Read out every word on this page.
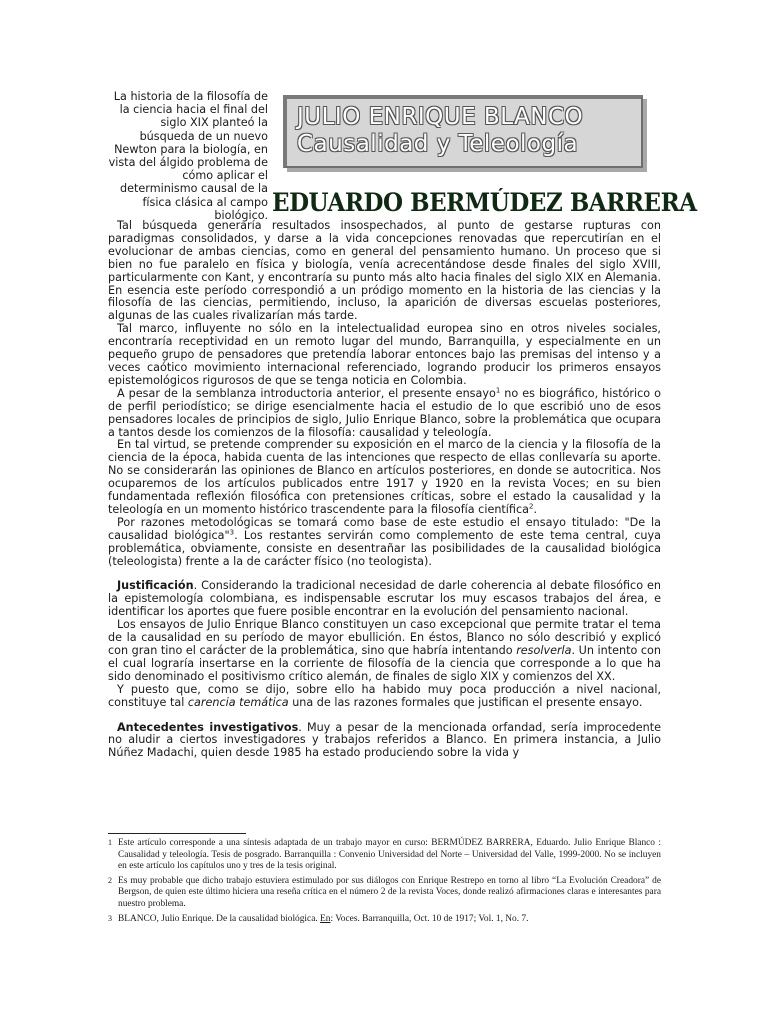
La historia de la filosofía de la ciencia hacia el final del siglo XIX planteó la búsqueda de un nuevo Newton para la biología, en vista del álgido problema de cómo aplicar el determinismo causal de la física clásica al campo biológico.

JULIO ENRIQUE BLANCO
Causalidad y Teleología
EDUARDO BERMÚDEZ BARRERA

Tal búsqueda generaría resultados insospechados, al punto de gestarse rupturas con paradigmas consolidados, y darse a la vida concepciones renovadas que repercutirían en el evolucionar de ambas ciencias, como en general del pensamiento humano. Un proceso que si bien no fue paralelo en física y biología, venía acrecentándose desde finales del siglo XVIII, particularmente con Kant, y encontraría su punto más alto hacia finales del siglo XIX en Alemania. En esencia este período correspondió a un pródigo momento en la historia de las ciencias y la filosofía de las ciencias, permitiendo, incluso, la aparición de diversas escuelas posteriores, algunas de las cuales rivalizarían más tarde.

Tal marco, influyente no sólo en la intelectualidad europea sino en otros niveles sociales, encontraría receptividad en un remoto lugar del mundo, Barranquilla, y especialmente en un pequeño grupo de pensadores que pretendía laborar entonces bajo las premisas del intenso y a veces caótico movimiento internacional referenciado, logrando producir los primeros ensayos epistemológicos rigurosos de que se tenga noticia en Colombia.

A pesar de la semblanza introductoria anterior, el presente ensayo$^1$ no es biográfico, histórico o de perfil periodístico; se dirige esencialmente hacia el estudio de lo que escribió uno de esos pensadores locales de principios de siglo, Julio Enrique Blanco, sobre la problemática que ocupara a tantos desde los comienzos de la filosofía: causalidad y teleología.

En tal virtud, se pretende comprender su exposición en el marco de la ciencia y la filosofía de la ciencia de la época, habida cuenta de las intenciones que respecto de ellas conllevaría su aporte. No se considerarán las opiniones de Blanco en artículos posteriores, en donde se autocritica. Nos ocuparemos de los artículos publicados entre 1917 y 1920 en la revista Voces; en su bien fundamentada reflexión filosófica con pretensiones críticas, sobre el estado la causalidad y la teleología en un momento histórico trascendente para la filosofía científica$^2$.

Por razones metodológicas se tomará como base de este estudio el ensayo titulado: "De la causalidad biológica"$^3$. Los restantes servirán como complemento de este tema central, cuya problemática, obviamente, consiste en desentrañar las posibilidades de la causalidad biológica (teleologista) frente a la de carácter físico (no teologista).

Justificación. Considerando la tradicional necesidad de darle coherencia al debate filosófico en la epistemología colombiana, es indispensable escrutar los muy escasos trabajos del área, e identificar los aportes que fuere posible encontrar en la evolución del pensamiento nacional.

Los ensayos de Julio Enrique Blanco constituyen un caso excepcional que permite tratar el tema de la causalidad en su período de mayor ebullición. En éstos, Blanco no sólo describió y explicó con gran tino el carácter de la problemática, sino que habría intentando resolverla. Un intento con el cual lograría insertarse en la corriente de filosofía de la ciencia que corresponde a lo que ha sido denominado el positivismo crítico alemán, de finales de siglo XIX y comienzos del XX.

Y puesto que, como se dijo, sobre ello ha habido muy poca producción a nivel nacional, constituye tal carencia temática una de las razones formales que justifican el presente ensayo.

Antecedentes investigativos. Muy a pesar de la mencionada orfandad, sería improcedente no aludir a ciertos investigadores y trabajos referidos a Blanco. En primera instancia, a Julio Núñez Madachi, quien desde 1985 ha estado produciendo sobre la vida y

1 Este artículo corresponde a una síntesis adaptada de un trabajo mayor en curso: BERMÚDEZ BARRERA, Eduardo. Julio Enrique Blanco : Causalidad y teleología. Tesis de posgrado. Barranquilla : Convenio Universidad del Norte – Universidad del Valle, 1999-2000. No se incluyen en este artículo los capítulos uno y tres de la tesis original.
2 Es muy probable que dicho trabajo estuviera estimulado por sus diálogos con Enrique Restrepo en torno al libro “La Evolución Creadora” de Bergson, de quien este último hiciera una reseña crítica en el número 2 de la revista Voces, donde realizó afirmaciones claras e interesantes para nuestro problema.
3 BLANCO, Julio Enrique. De la causalidad biológica. En: Voces. Barranquilla, Oct. 10 de 1917; Vol. 1, No. 7.
